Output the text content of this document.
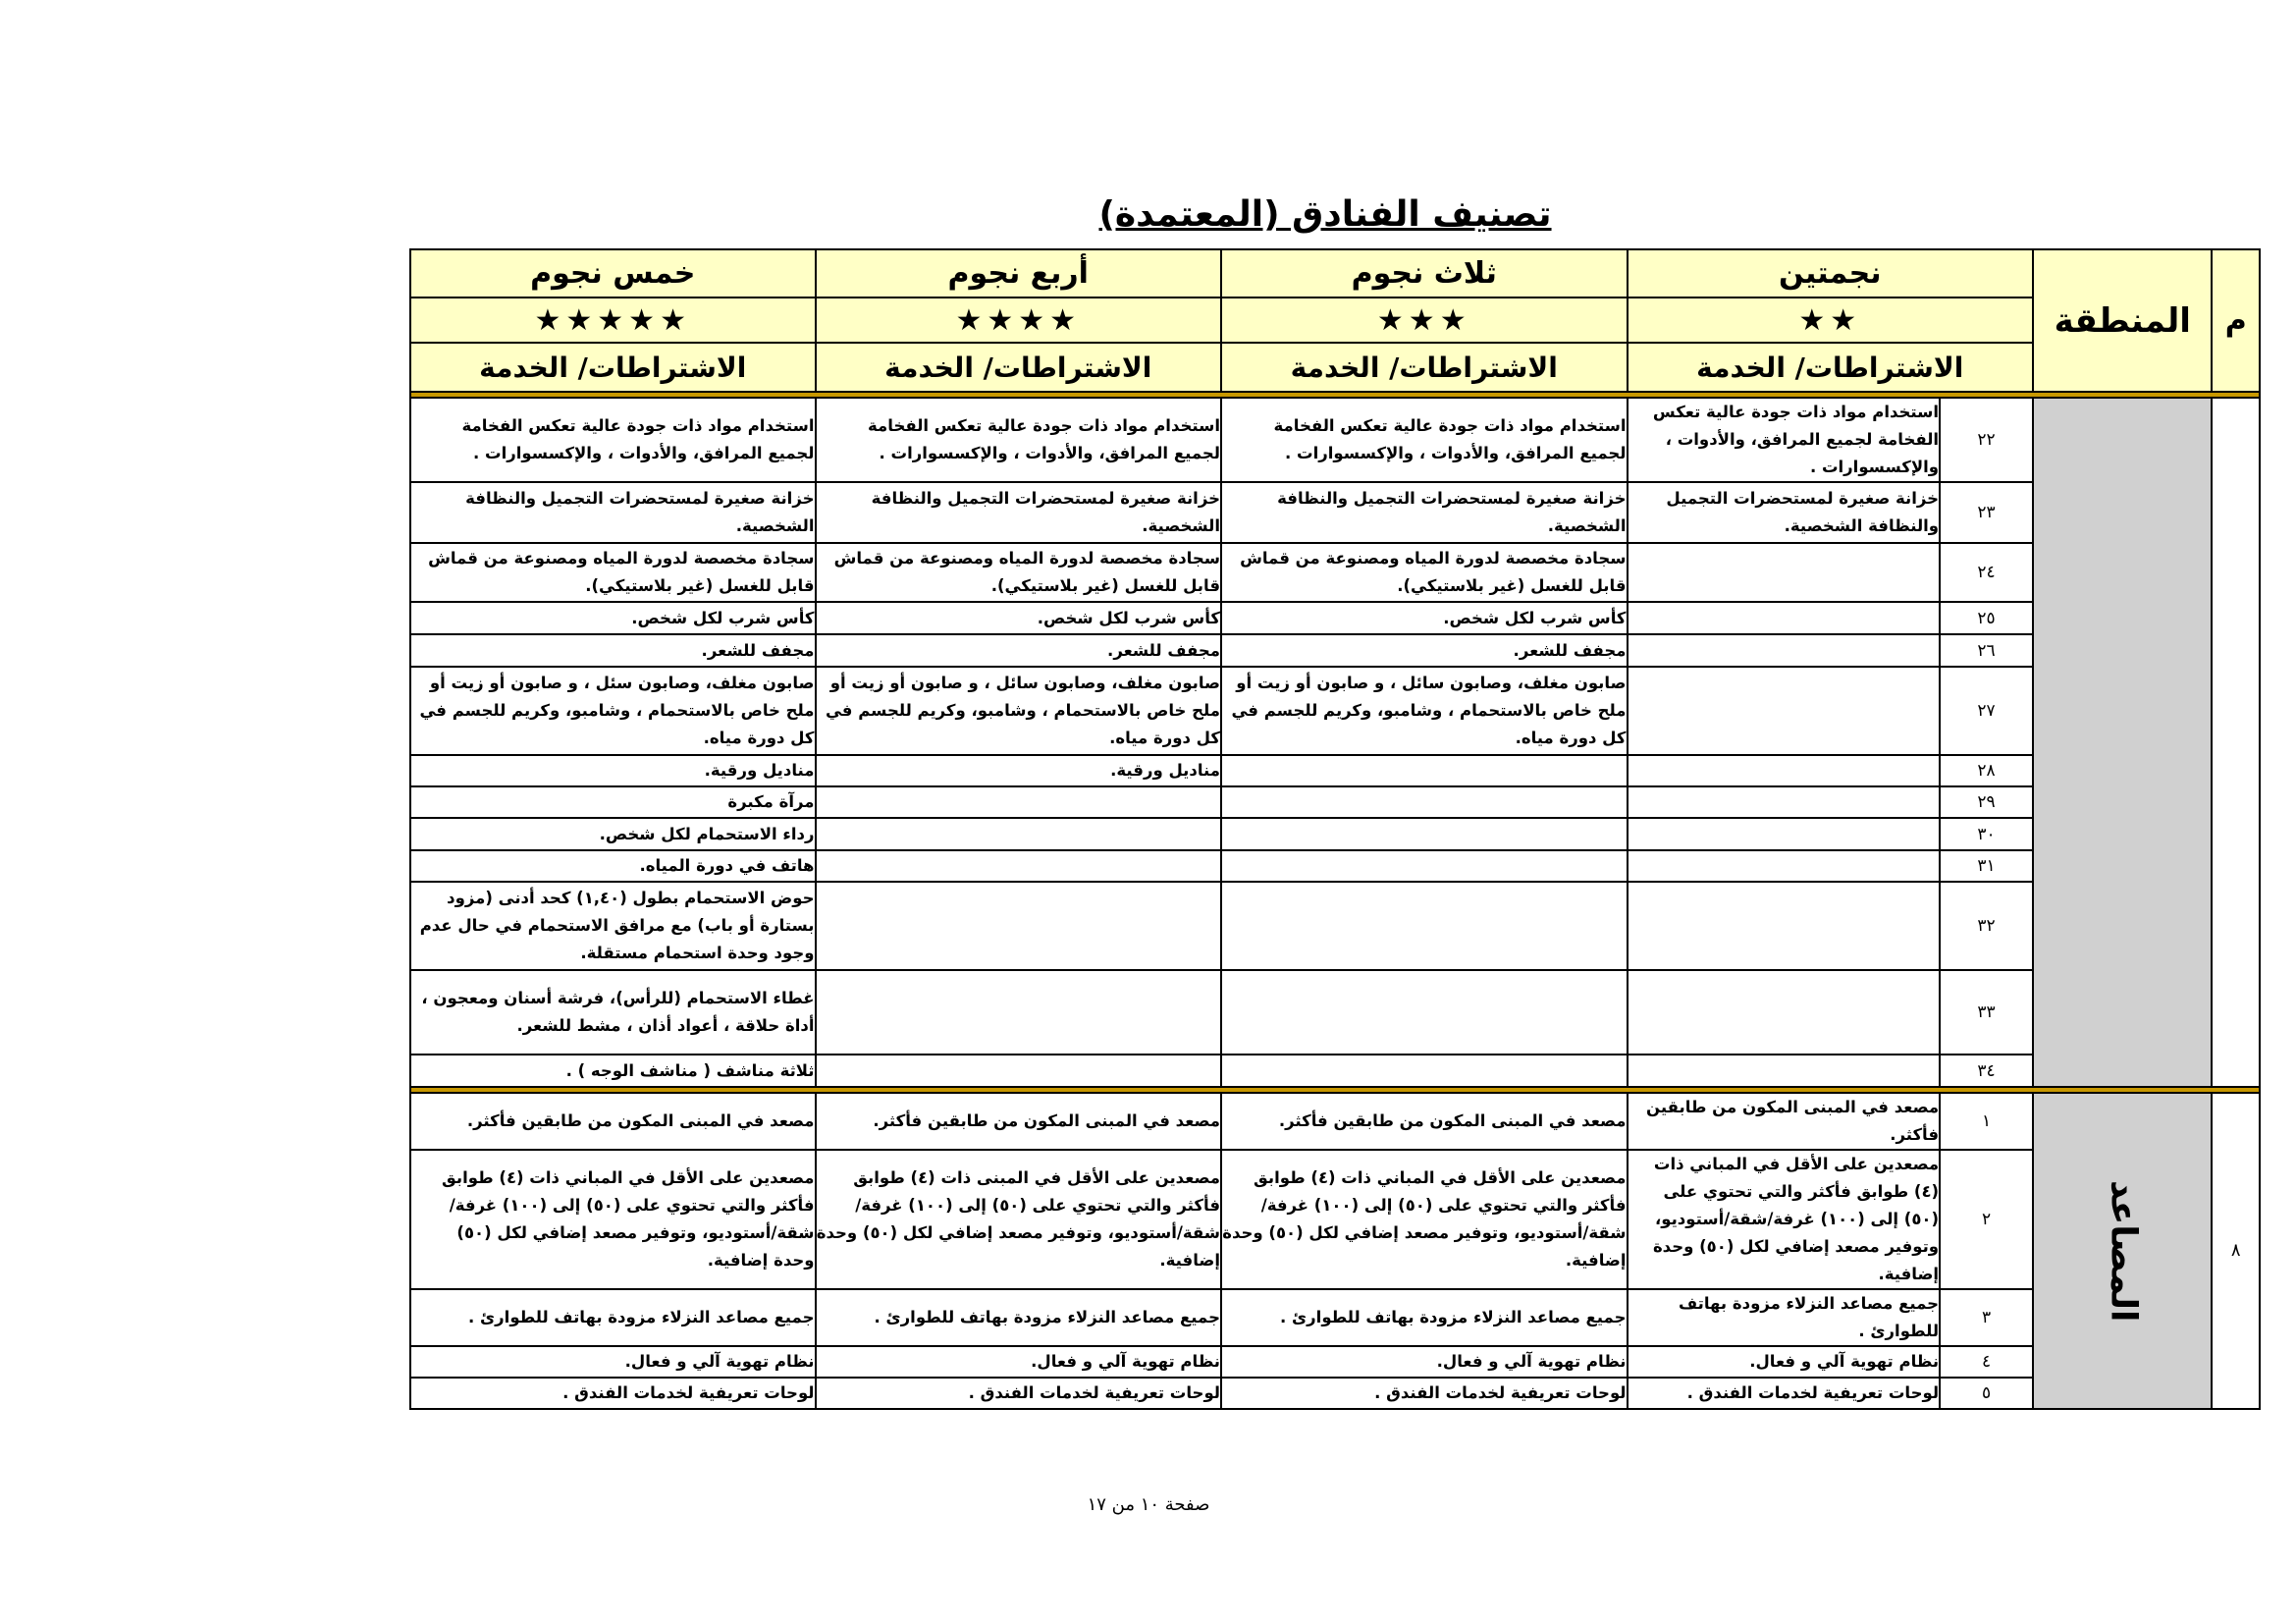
تصنيف الفنادق (المعتمدة)
م	المنطقة	نجمتين		ثلاث نجوم	أربع نجوم	خمس نجوم
		★★		★★★	★★★★	★★★★★
		الاشتراطات/ الخدمة		الاشتراطات/ الخدمة	الاشتراطات/ الخدمة	الاشتراطات/ الخدمة

		٢٢	استخدام مواد ذات جودة عالية تعكس الفخامة لجميع المرافق، والأدوات ، والإكسسوارات .	استخدام مواد ذات جودة عالية تعكس الفخامة لجميع المرافق، والأدوات ، والإكسسوارات .	استخدام مواد ذات جودة عالية تعكس الفخامة لجميع المرافق، والأدوات ، والإكسسوارات .	استخدام مواد ذات جودة عالية تعكس الفخامة لجميع المرافق، والأدوات ، والإكسسوارات .
		٢٣	خزانة صغيرة لمستحضرات التجميل والنظافة الشخصية.	خزانة صغيرة لمستحضرات التجميل والنظافة الشخصية.	خزانة صغيرة لمستحضرات التجميل والنظافة الشخصية.	خزانة صغيرة لمستحضرات التجميل والنظافة الشخصية.
		٢٤		سجادة مخصصة لدورة المياه ومصنوعة من قماش قابل للغسل (غير بلاستيكي).	سجادة مخصصة لدورة المياه ومصنوعة من قماش قابل للغسل (غير بلاستيكي).	سجادة مخصصة لدورة المياه ومصنوعة من قماش قابل للغسل (غير بلاستيكي).
		٢٥		كأس شرب لكل شخص.	كأس شرب لكل شخص.	كأس شرب لكل شخص.
		٢٦		مجفف للشعر.	مجفف للشعر.	مجفف للشعر.
		٢٧		صابون مغلف، وصابون سائل ، و صابون أو زيت أو ملح خاص بالاستحمام ، وشامبو، وكريم للجسم في كل دورة مياه.	صابون مغلف، وصابون سائل ، و صابون أو زيت أو ملح خاص بالاستحمام ، وشامبو، وكريم للجسم في كل دورة مياه.	صابون مغلف، وصابون سئل ، و صابون أو زيت أو ملح خاص بالاستحمام ، وشامبو، وكريم للجسم في كل دورة مياه.
		٢٨			مناديل ورقية.	مناديل ورقية.
		٢٩				مرآة مكبرة
		٣٠				رداء الاستحمام لكل شخص.
		٣١				هاتف في دورة المياه.
		٣٢				حوض الاستحمام بطول (١,٤٠) كحد أدنى (مزود بستارة أو باب) مع مرافق الاستحمام في حال عدم وجود وحدة استحمام مستقلة.
		٣٣				غطاء الاستحمام (للرأس)، فرشة أسنان ومعجون ، أداة حلاقة ، أعواد أذان ، مشط للشعر.
		٣٤				ثلاثة مناشف ( مناشف الوجه ) .

٨	المصاعد	١	مصعد في المبنى المكون من طابقين فأكثر.	مصعد في المبنى المكون من طابقين فأكثر.	مصعد في المبنى المكون من طابقين فأكثر.	مصعد في المبنى المكون من طابقين فأكثر.
		٢	مصعدين على الأقل في المباني ذات (٤) طوابق فأكثر والتي تحتوي على (٥٠) إلى (١٠٠) غرفة/شقة/أستوديو، وتوفير مصعد إضافي لكل (٥٠) وحدة إضافية.	مصعدين على الأقل في المباني ذات (٤) طوابق فأكثر والتي تحتوي على (٥٠) إلى (١٠٠) غرفة/شقة/أستوديو، وتوفير مصعد إضافي لكل (٥٠) وحدة إضافية.	مصعدين على الأقل في المبنى ذات (٤) طوابق فأكثر والتي تحتوي على (٥٠) إلى (١٠٠) غرفة/شقة/أستوديو، وتوفير مصعد إضافي لكل (٥٠) وحدة إضافية.	مصعدين على الأقل في المباني ذات (٤) طوابق فأكثر والتي تحتوي على (٥٠) إلى (١٠٠) غرفة/شقة/أستوديو، وتوفير مصعد إضافي لكل (٥٠) وحدة إضافية.
		٣	جميع مصاعد النزلاء مزودة بهاتف للطوارئ .	جميع مصاعد النزلاء مزودة بهاتف للطوارئ .	جميع مصاعد النزلاء مزودة بهاتف للطوارئ .	جميع مصاعد النزلاء مزودة بهاتف للطوارئ .
		٤	نظام تهوية آلي و فعال.	نظام تهوية آلي و فعال.	نظام تهوية آلي و فعال.	نظام تهوية آلي و فعال.
		٥	لوحات تعريفية لخدمات الفندق .	لوحات تعريفية لخدمات الفندق .	لوحات تعريفية لخدمات الفندق .	لوحات تعريفية لخدمات الفندق .
صفحة ١٠ من ١٧
